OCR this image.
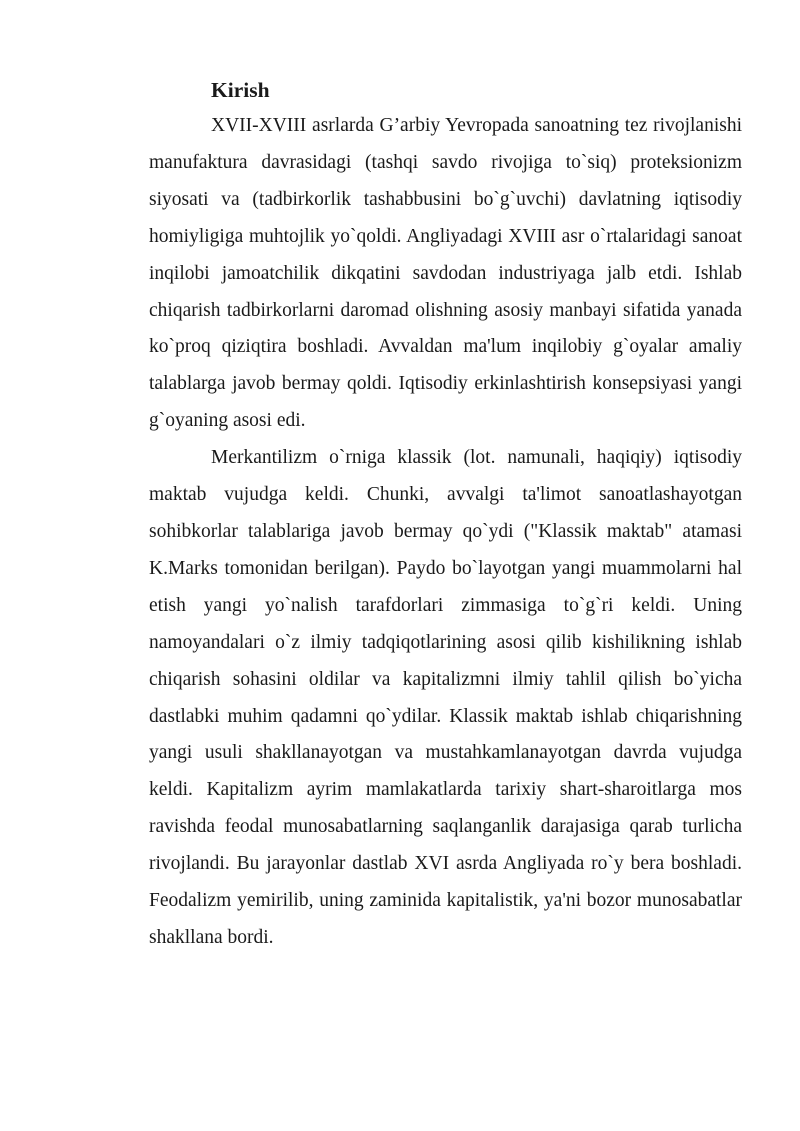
Kirish

XVII-XVIII asrlarda G’arbiy Yevropada sanoatning tez rivojlanishi manufaktura davrasidagi (tashqi savdo rivojiga to`siq) proteksionizm siyosati va (tadbirkorlik tashabbusini bo`g`uvchi) davlatning iqtisodiy homiyligiga muhtojlik yo`qoldi. Angliyadagi XVIII asr o`rtalaridagi sanoat inqilobi jamoatchilik dikqatini savdodan industriyaga jalb etdi. Ishlab chiqarish tadbirkorlarni daromad olishning asosiy manbayi sifatida yanada ko`proq qiziqtira boshladi. Avvaldan ma'lum inqilobiy g`oyalar amaliy talablarga javob bermay qoldi. Iqtisodiy erkinlashtirish konsepsiyasi yangi g`oyaning asosi edi.

Merkantilizm o`rniga klassik (lot. namunali, haqiqiy) iqtisodiy maktab vujudga keldi. Chunki, avvalgi ta'limot sanoatlashayotgan sohibkorlar talablariga javob bermay qo`ydi ("Klassik maktab" atamasi K.Marks tomonidan berilgan). Paydo bo`layotgan yangi muammolarni hal etish yangi yo`nalish tarafdorlari zimmasiga to`g`ri keldi. Uning namoyandalari o`z ilmiy tadqiqotlarining asosi qilib kishilikning ishlab chiqarish sohasini oldilar va kapitalizmni ilmiy tahlil qilish bo`yicha dastlabki muhim qadamni qo`ydilar. Klassik maktab ishlab chiqarishning yangi usuli shakllanayotgan va mustahkamlanayotgan davrda vujudga keldi. Kapitalizm ayrim mamlakatlarda tarixiy shart-sharoitlarga mos ravishda feodal munosabatlarning saqlanganlik darajasiga qarab turlicha rivojlandi. Bu jarayonlar dastlab XVI asrda Angliyada ro`y bera boshladi. Feodalizm yemirilib, uning zaminida kapitalistik, ya'ni bozor munosabatlar shakllana bordi.
